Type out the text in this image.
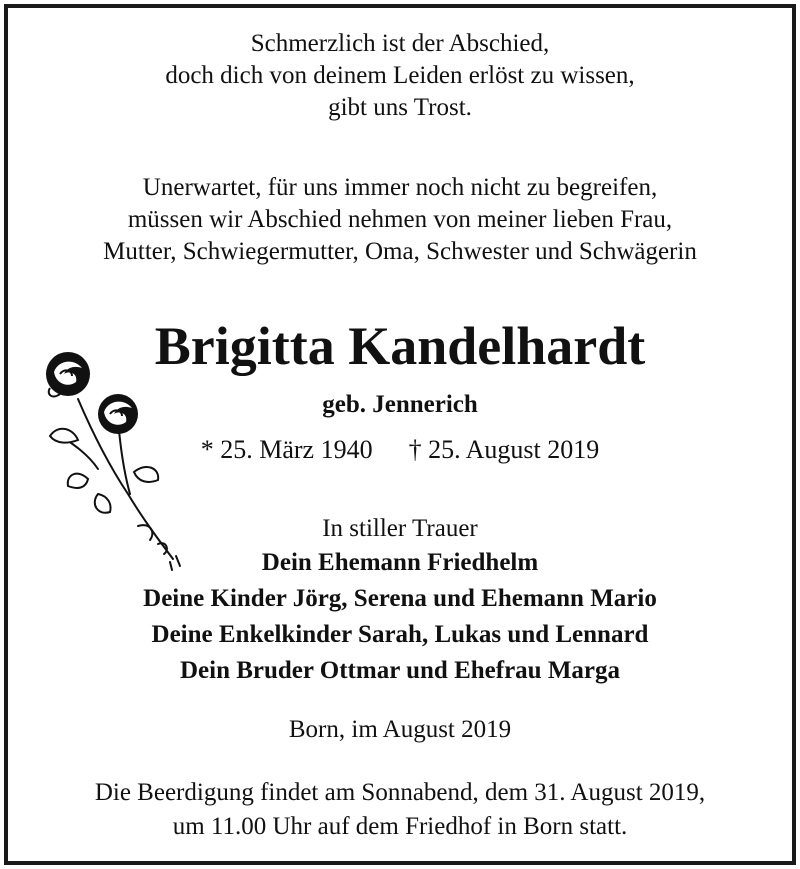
Schmerzlich ist der Abschied,
doch dich von deinem Leiden erlöst zu wissen,
gibt uns Trost.
Unerwartet, für uns immer noch nicht zu begreifen,
müssen wir Abschied nehmen von meiner lieben Frau,
Mutter, Schwiegermutter, Oma, Schwester und Schwägerin
Brigitta Kandelhardt
geb. Jennerich
* 25. März 1940 † 25. August 2019
In stiller Trauer
Dein Ehemann Friedhelm
Deine Kinder Jörg, Serena und Ehemann Mario
Deine Enkelkinder Sarah, Lukas und Lennard
Dein Bruder Ottmar und Ehefrau Marga
Born, im August 2019
Die Beerdigung findet am Sonnabend, dem 31. August 2019,
um 11.00 Uhr auf dem Friedhof in Born statt.
